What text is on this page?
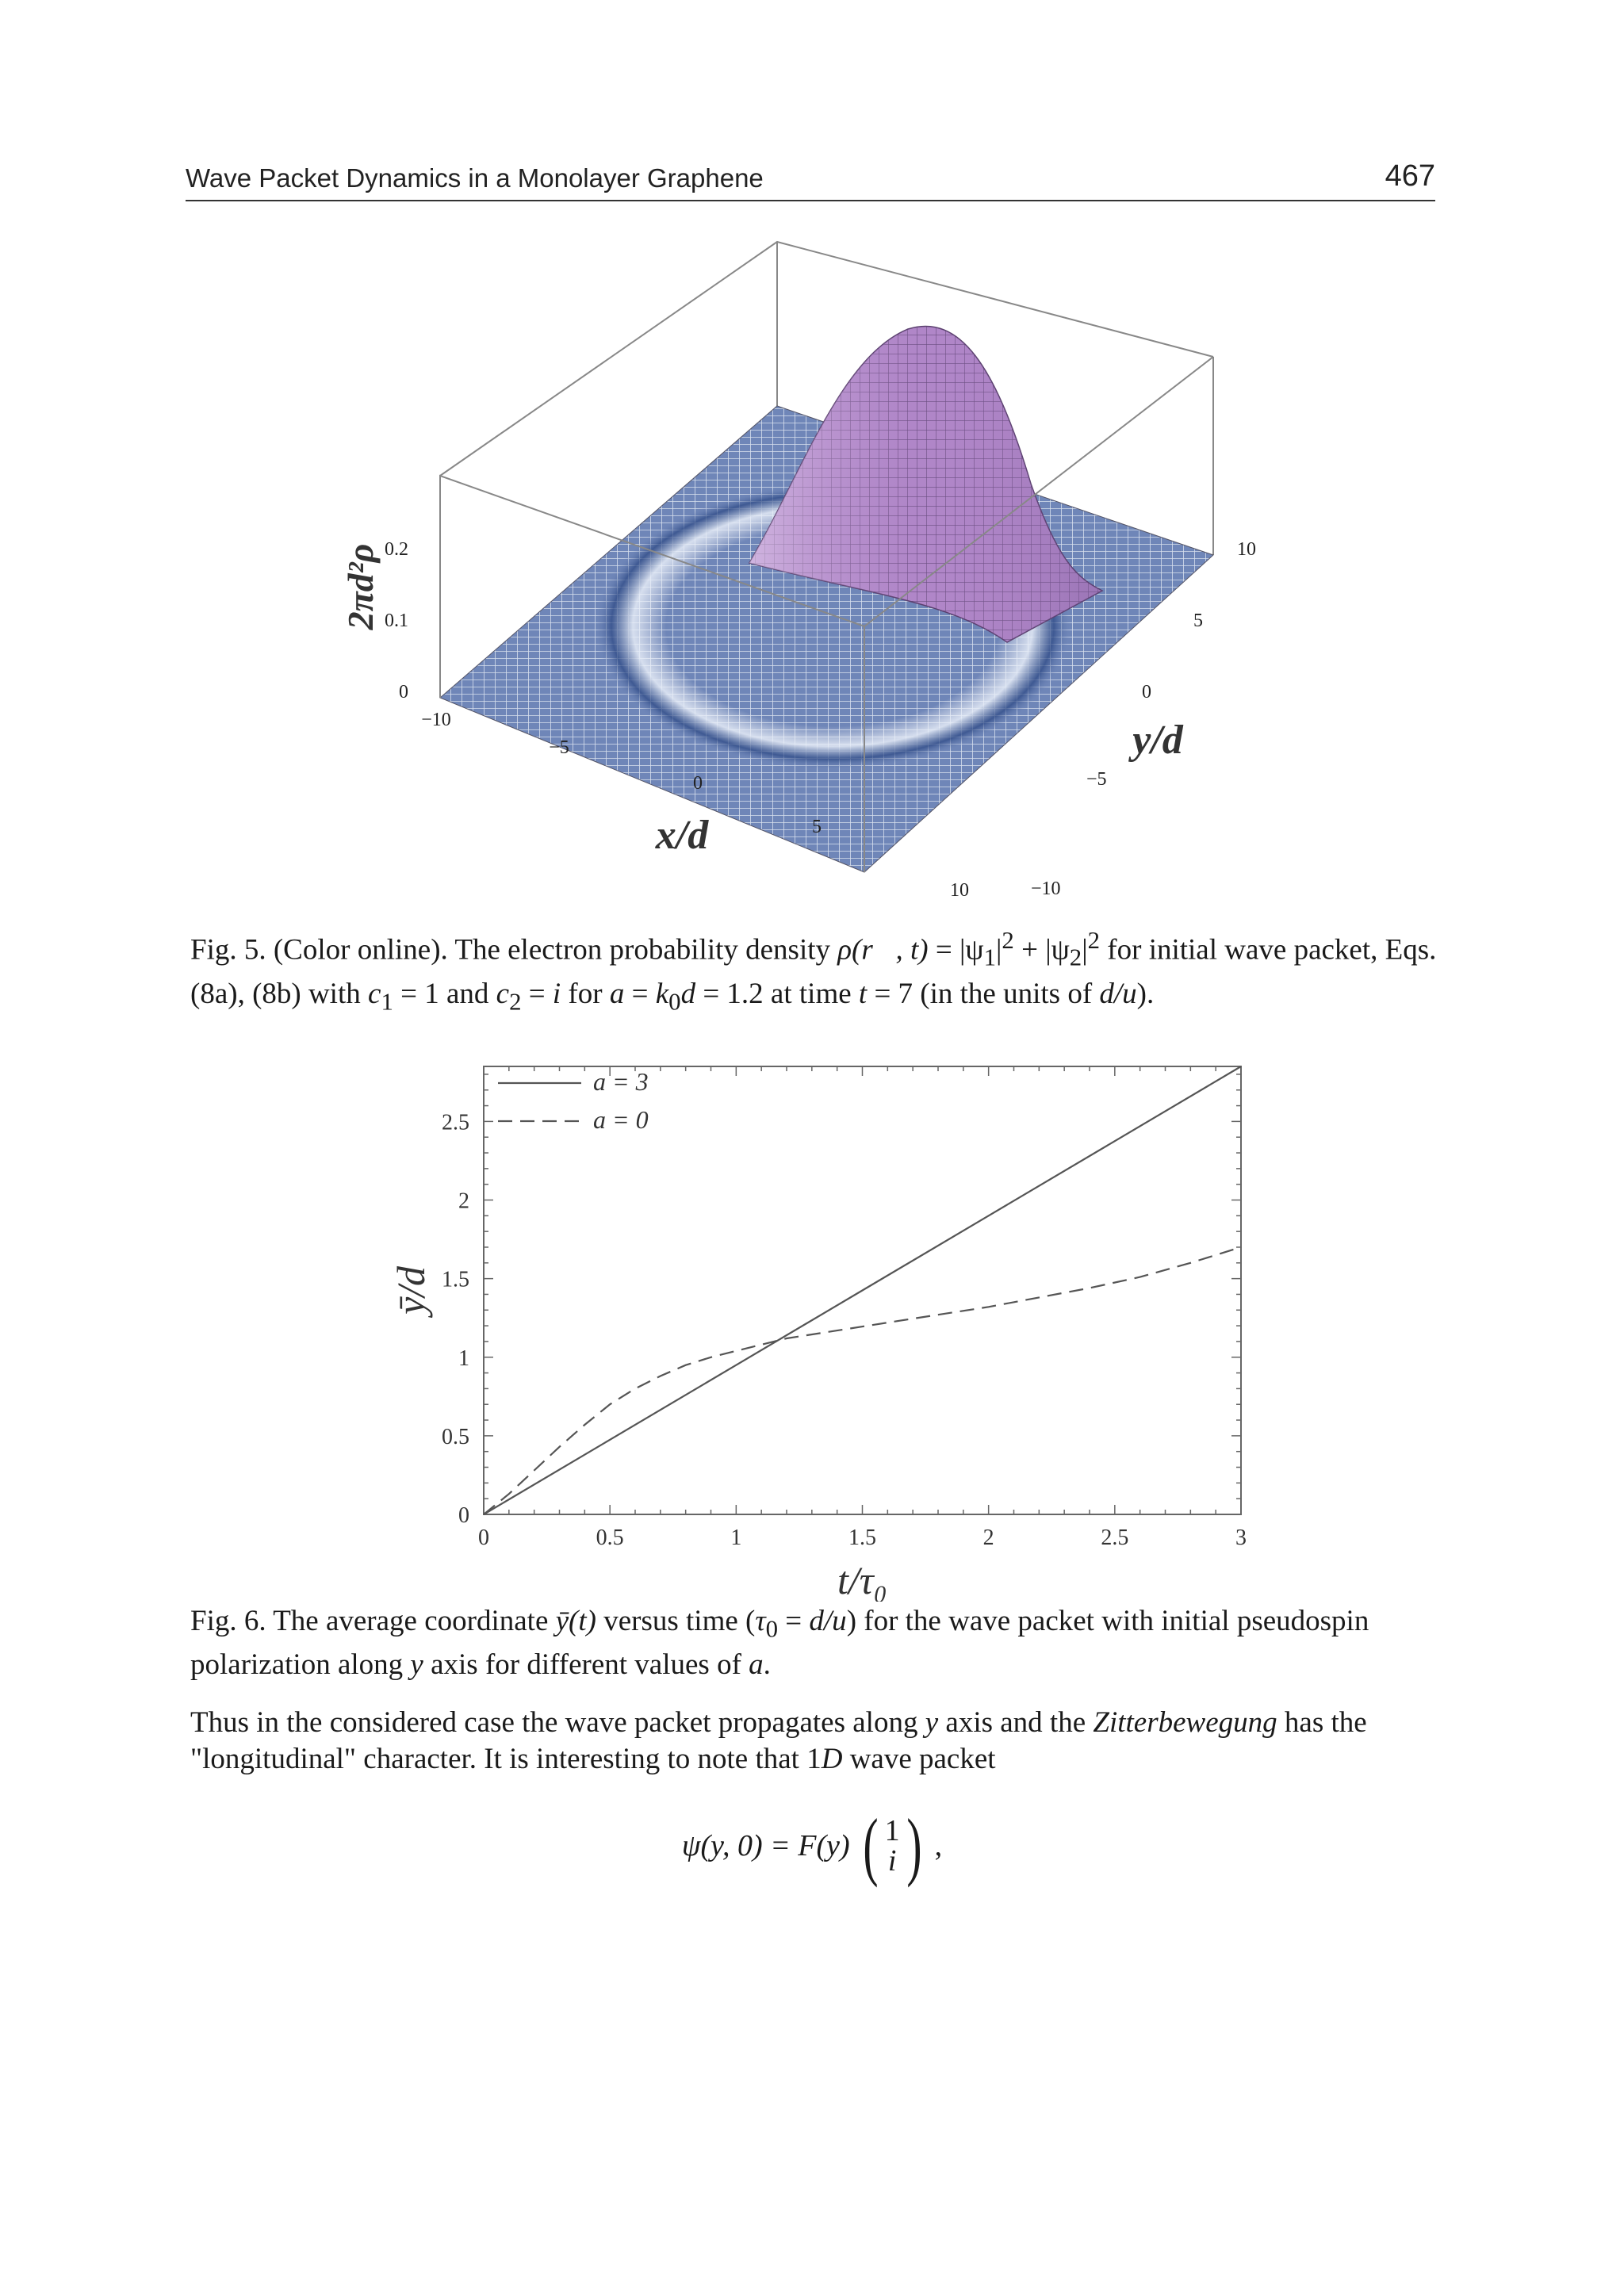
Wave Packet Dynamics in a Monolayer Graphene	467
0
0.1
0.2
2πd²ρ
−10
−5
0
5
10
x/d
−10
−5
0
5
10
y/d
Fig. 5. (Color online). The electron probability density ρ(r⃗, $t) = |\psi_1|^2 + |\psi_2|^2$ for initial wave packet, Eqs.(8a), (8b) with $c_1 = 1$ and $c_2 = i$ for $a = k_0d = 1.2$ at time t = 7 (in the units of d/u).
0	0.5	1	1.5	2	2.5	3
0
0.5
1
1.5
2
2.5
t/τ₀
ȳ/d
a = 3
a = 0
Fig. 6. The average coordinate ȳ(t) versus time $(\tau_0 = d/u)$ for the wave packet with initial pseudospin polarization along y axis for different values of a.
Thus in the considered case the wave packet propagates along y axis and the Zitterbewegung has the "longitudinal" character. It is interesting to note that 1D wave packet
ψ(y, 0) = F(y) ( 1
i ) ,
